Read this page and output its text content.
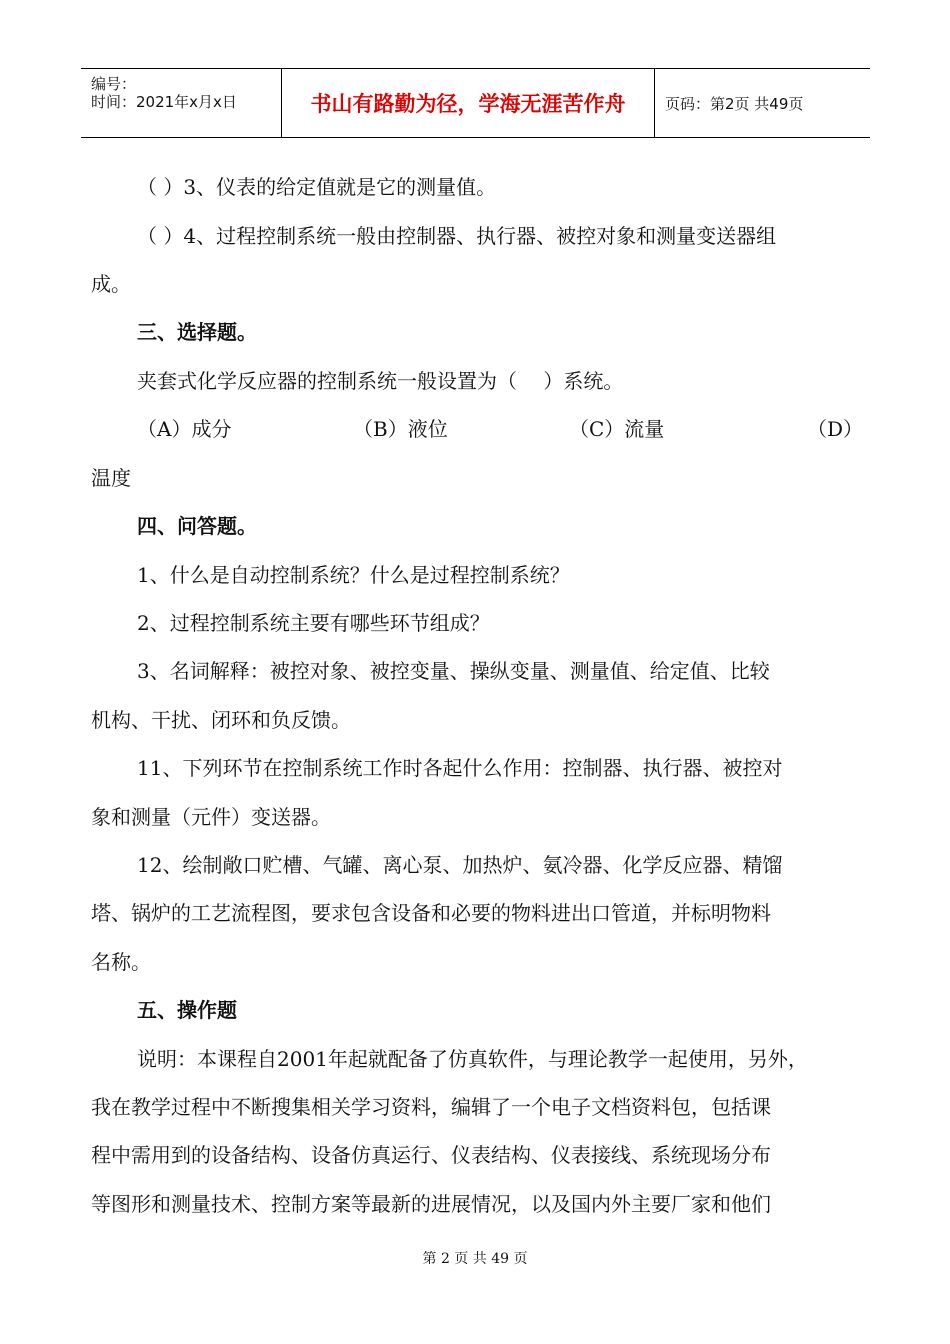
编号：
时间：2021年x月x日	书山有路勤为径，学海无涯苦作舟	页码：第2页 共49页
（ ）3、仪表的给定值就是它的测量值。
（ ）4、过程控制系统一般由控制器、执行器、被控对象和测量变送器组
成。
三、选择题。
夹套式化学反应器的控制系统一般设置为（　 ）系统。
（A）成分	（B）液位	（C）流量	（D）
温度
四、问答题。
1、什么是自动控制系统？什么是过程控制系统？
2、过程控制系统主要有哪些环节组成？
3、名词解释：被控对象、被控变量、操纵变量、测量值、给定值、比较
机构、干扰、闭环和负反馈。
11、下列环节在控制系统工作时各起什么作用：控制器、执行器、被控对
象和测量（元件）变送器。
12、绘制敞口贮槽、气罐、离心泵、加热炉、氨冷器、化学反应器、精馏
塔、锅炉的工艺流程图，要求包含设备和必要的物料进出口管道，并标明物料
名称。
五、操作题
说明：本课程自2001年起就配备了仿真软件，与理论教学一起使用，另外，
我在教学过程中不断搜集相关学习资料，编辑了一个电子文档资料包，包括课
程中需用到的设备结构、设备仿真运行、仪表结构、仪表接线、系统现场分布
等图形和测量技术、控制方案等最新的进展情况，以及国内外主要厂家和他们
第 2 页 共 49 页
